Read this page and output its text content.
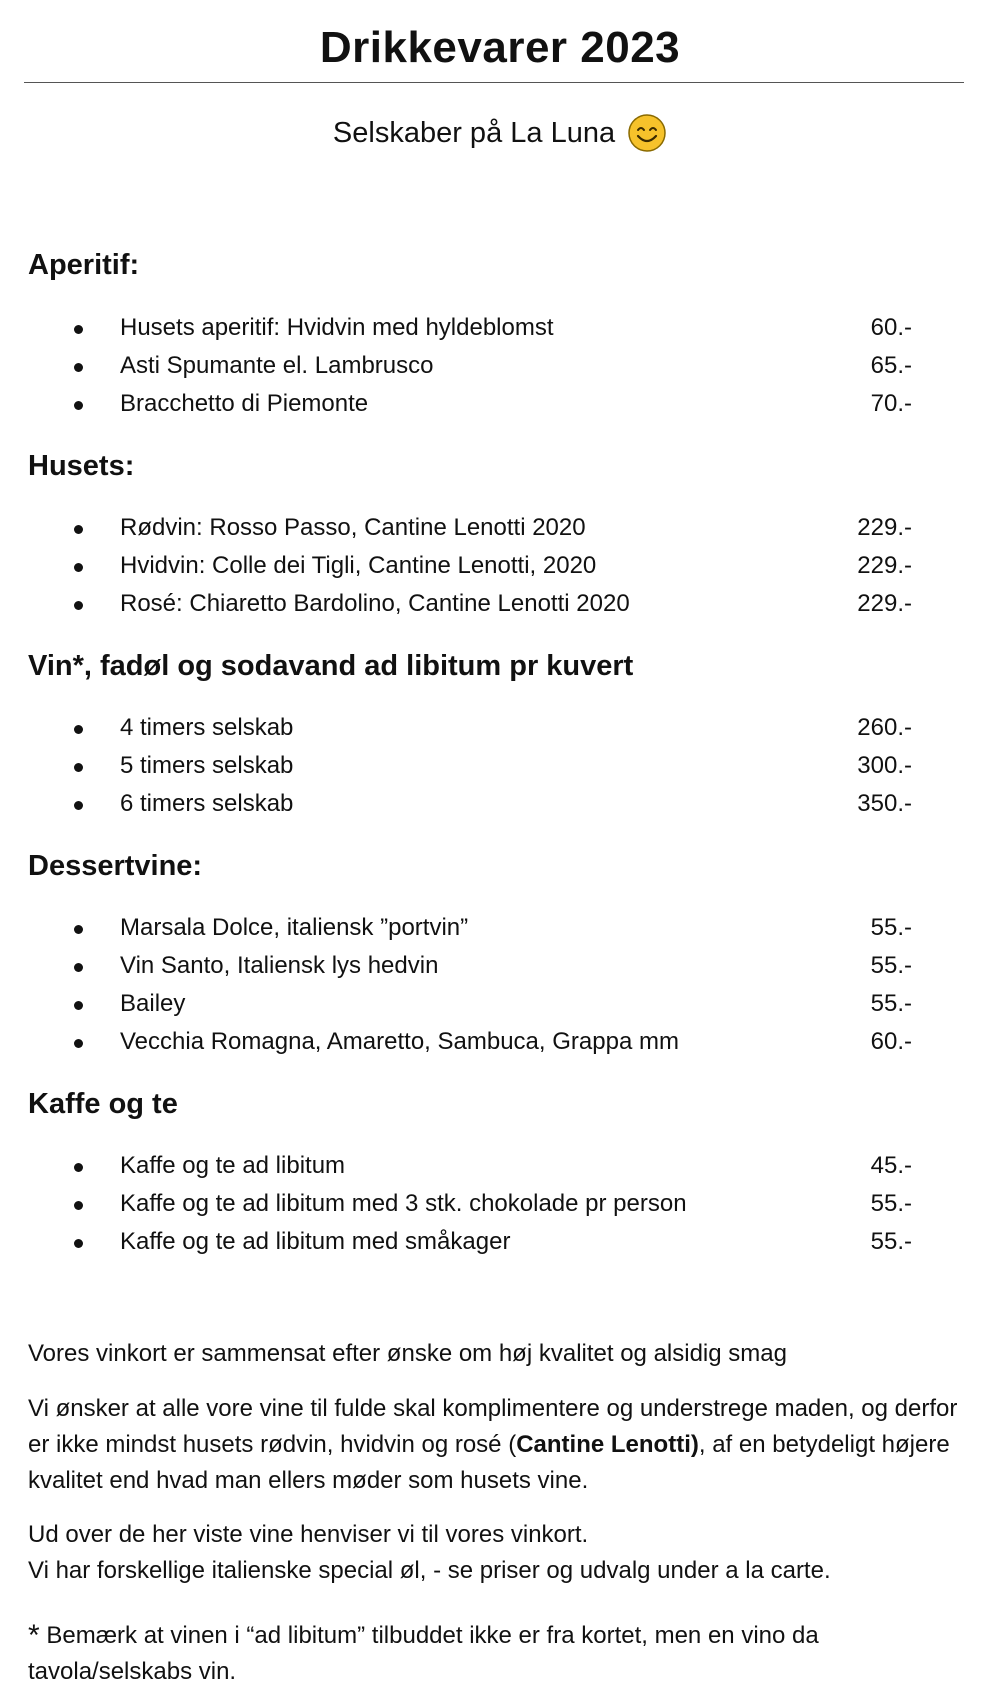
Drikkevarer 2023
Selskaber på La Luna
Aperitif:
Husets aperitif: Hvidvin med hyldeblomst	60.-
Asti Spumante el. Lambrusco	65.-
Bracchetto di Piemonte	70.-
Husets:
Rødvin: Rosso Passo, Cantine Lenotti 2020	229.-
Hvidvin: Colle dei Tigli, Cantine Lenotti, 2020	229.-
Rosé: Chiaretto Bardolino, Cantine Lenotti 2020	229.-
Vin*, fadøl og sodavand ad libitum pr kuvert
4 timers selskab	260.-
5 timers selskab	300.-
6 timers selskab	350.-
Dessertvine:
Marsala Dolce, italiensk ”portvin”	55.-
Vin Santo, Italiensk lys hedvin	55.-
Bailey	55.-
Vecchia Romagna, Amaretto, Sambuca, Grappa mm	60.-
Kaffe og te
Kaffe og te ad libitum	45.-
Kaffe og te ad libitum med 3 stk. chokolade pr person	55.-
Kaffe og te ad libitum med småkager	55.-
Vores vinkort er sammensat efter ønske om høj kvalitet og alsidig smag
Vi ønsker at alle vore vine til fulde skal komplimentere og understrege maden, og derfor er ikke mindst husets rødvin, hvidvin og rosé (Cantine Lenotti), af en betydeligt højere kvalitet end hvad man ellers møder som husets vine.
Ud over de her viste vine henviser vi til vores vinkort.
Vi har forskellige italienske special øl, - se priser og udvalg under a la carte.
* Bemærk at vinen i “ad libitum” tilbuddet ikke er fra kortet, men en vino da tavola/selskabs vin.
